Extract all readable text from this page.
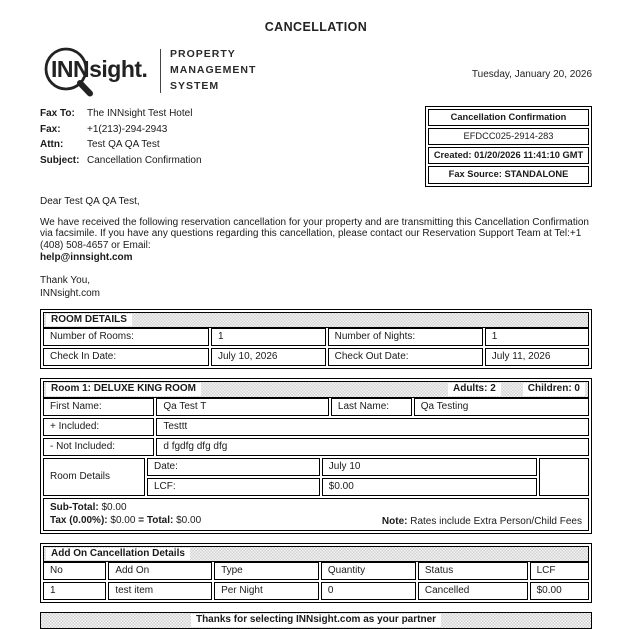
CANCELLATION
INNsight.
PROPERTY
MANAGEMENT
SYSTEM
Tuesday, January 20, 2026
Fax To:	The INNsight Test Hotel
Fax:	+1(213)-294-2943
Attn:	Test QA QA Test
Subject: Cancellation Confirmation
Cancellation Confirmation
EFDCC025-2914-283
Created: 01/20/2026 11:41:10 GMT
Fax Source: STANDALONE
Dear Test QA QA Test,
We have received the following reservation cancellation for your property and are transmitting this Cancellation Confirmation via facsimile. If you have any questions regarding this cancellation, please contact our Reservation Support Team at Tel:+1 (408) 508-4657 or Email:
help@innsight.com
Thank You,
INNsight.com
ROOM DETAILS
Number of Rooms:	1	Number of Nights:	1
Check In Date:	July 10, 2026	Check Out Date:	July 11, 2026
Room 1: DELUXE KING ROOM	Adults: 2	Children: 0
First Name:	Qa Test T	Last Name:	Qa Testing
+ Included:	Testtt
- Not Included:	d fgdfg dfg dfg
Room Details
Date:	July 10
LCF:	$0.00
Sub-Total: $0.00
Tax (0.00%): $0.00 = Total: $0.00	Note: Rates include Extra Person/Child Fees
Add On Cancellation Details
No	Add On	Type	Quantity	Status	LCF
1	test item	Per Night	0	Cancelled	$0.00
Thanks for selecting INNsight.com as your partner
